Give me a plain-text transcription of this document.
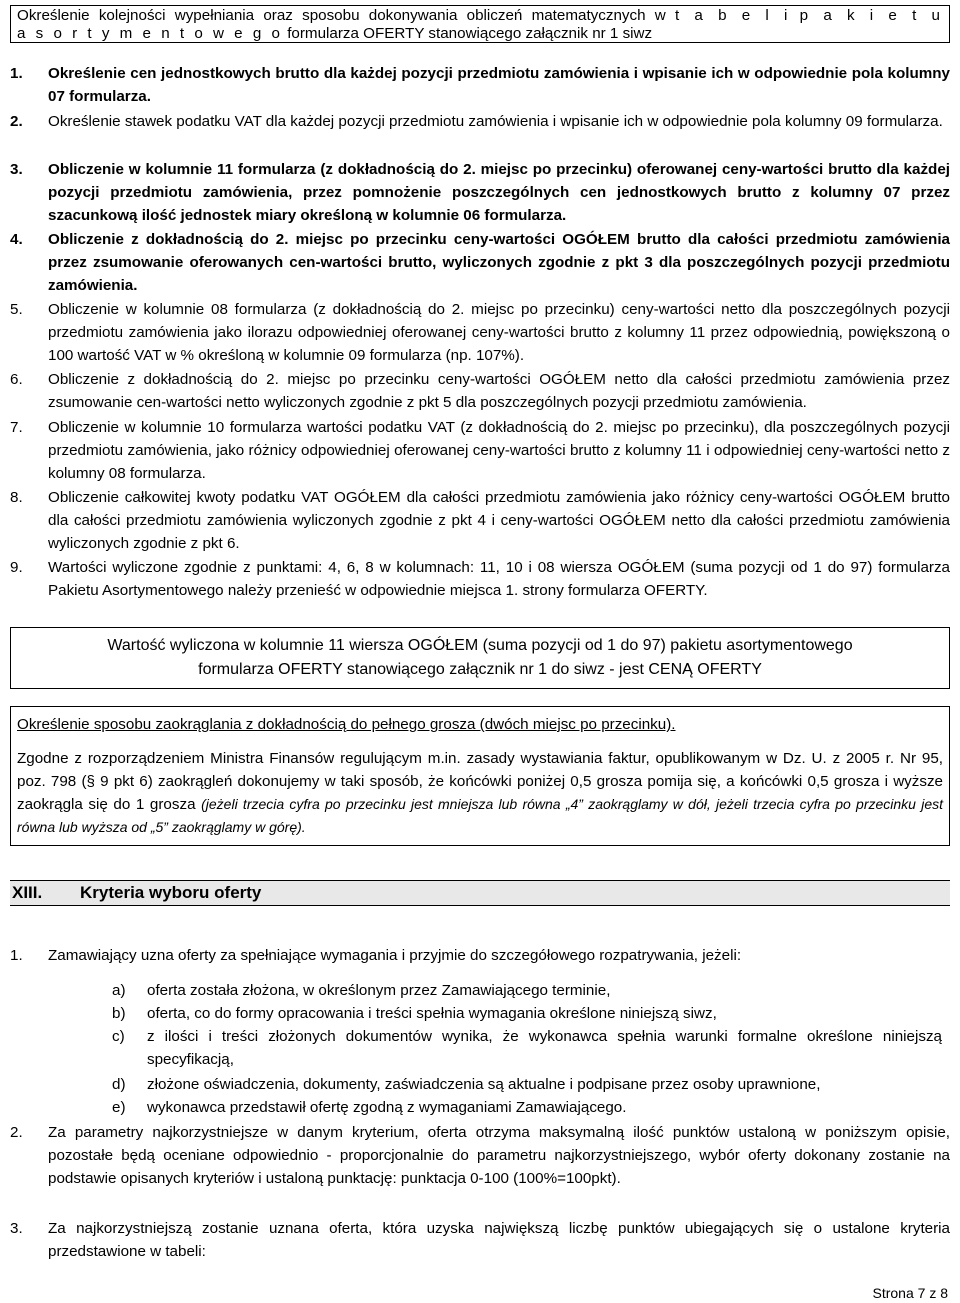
Określenie kolejności wypełniania oraz sposobu dokonywania obliczeń matematycznych w t a b e l i p a k i e t u
a s o r t y m e n t o w e g o formularza OFERTY stanowiącego załącznik nr 1 siwz
1.	Określenie cen jednostkowych brutto dla każdej pozycji przedmiotu zamówienia i wpisanie ich w odpowiednie pola kolumny 07 formularza.
2.	Określenie stawek podatku VAT dla każdej pozycji przedmiotu zamówienia i wpisanie ich w odpowiednie pola kolumny 09 formularza.
3.	Obliczenie w kolumnie 11 formularza (z dokładnością do 2. miejsc po przecinku) oferowanej ceny-wartości brutto dla każdej pozycji przedmiotu zamówienia, przez pomnożenie poszczególnych cen jednostkowych brutto z kolumny 07 przez szacunkową ilość jednostek miary określoną w kolumnie 06 formularza.
4.	Obliczenie z dokładnością do 2. miejsc po przecinku ceny-wartości OGÓŁEM brutto dla całości przedmiotu zamówienia przez zsumowanie oferowanych cen-wartości brutto, wyliczonych zgodnie z pkt 3 dla poszczególnych pozycji przedmiotu zamówienia.
5.	Obliczenie w kolumnie 08 formularza (z dokładnością do 2. miejsc po przecinku) ceny-wartości netto dla poszczególnych pozycji przedmiotu zamówienia jako ilorazu odpowiedniej oferowanej ceny-wartości brutto z kolumny 11 przez odpowiednią, powiększoną o 100 wartość VAT w % określoną w kolumnie 09 formularza (np. 107%).
6.	Obliczenie z dokładnością do 2. miejsc po przecinku ceny-wartości OGÓŁEM netto dla całości przedmiotu zamówienia przez zsumowanie cen-wartości netto wyliczonych zgodnie z pkt 5 dla poszczególnych pozycji przedmiotu zamówienia.
7.	Obliczenie w kolumnie 10 formularza wartości podatku VAT (z dokładnością do 2. miejsc po przecinku), dla poszczególnych pozycji przedmiotu zamówienia, jako różnicy odpowiedniej oferowanej ceny-wartości brutto z kolumny 11 i odpowiedniej ceny-wartości netto z kolumny 08 formularza.
8.	Obliczenie całkowitej kwoty podatku VAT OGÓŁEM dla całości przedmiotu zamówienia jako różnicy ceny-wartości OGÓŁEM brutto dla całości przedmiotu zamówienia wyliczonych zgodnie z pkt 4 i ceny-wartości OGÓŁEM netto dla całości przedmiotu zamówienia wyliczonych zgodnie z pkt 6.
9.	Wartości wyliczone zgodnie z punktami: 4, 6, 8 w kolumnach: 11, 10 i 08 wiersza OGÓŁEM (suma pozycji od 1 do 97) formularza Pakietu Asortymentowego należy przenieść w odpowiednie miejsca 1. strony formularza OFERTY.
Wartość wyliczona w kolumnie 11 wiersza OGÓŁEM (suma pozycji od 1 do 97) pakietu asortymentowego
formularza OFERTY stanowiącego załącznik nr 1 do siwz - jest CENĄ OFERTY
Określenie sposobu zaokrąglania z dokładnością do pełnego grosza (dwóch miejsc po przecinku).
Zgodne z rozporządzeniem Ministra Finansów regulującym m.in. zasady wystawiania faktur, opublikowanym w Dz. U. z 2005 r. Nr 95, poz. 798 (§ 9 pkt 6) zaokrągleń dokonujemy w taki sposób, że końcówki poniżej 0,5 grosza pomija się, a końcówki 0,5 grosza i wyższe zaokrągla się do 1 grosza (jeżeli trzecia cyfra po przecinku jest mniejsza lub równa „4” zaokrąglamy w dół, jeżeli trzecia cyfra po przecinku jest równa lub wyższa od „5” zaokrąglamy w górę).
XIII. Kryteria wyboru oferty
1.	Zamawiający uzna oferty za spełniające wymagania i przyjmie do szczegółowego rozpatrywania, jeżeli:
a)	oferta została złożona, w określonym przez Zamawiającego terminie,
b)	oferta, co do formy opracowania i treści spełnia wymagania określone niniejszą siwz,
c)	z ilości i treści złożonych dokumentów wynika, że wykonawca spełnia warunki formalne określone niniejszą specyfikacją,
d)	złożone oświadczenia, dokumenty, zaświadczenia są aktualne i podpisane przez osoby uprawnione,
e)	wykonawca przedstawił ofertę zgodną z wymaganiami Zamawiającego.
2.	Za parametry najkorzystniejsze w danym kryterium, oferta otrzyma maksymalną ilość punktów ustaloną w poniższym opisie, pozostałe będą oceniane odpowiednio - proporcjonalnie do parametru najkorzystniejszego, wybór oferty dokonany zostanie na podstawie opisanych kryteriów i ustaloną punktację: punktacja 0-100 (100%=100pkt).
3.	Za najkorzystniejszą zostanie uznana oferta, która uzyska największą liczbę punktów ubiegających się o ustalone kryteria przedstawione w tabeli:
Strona 7 z 8
